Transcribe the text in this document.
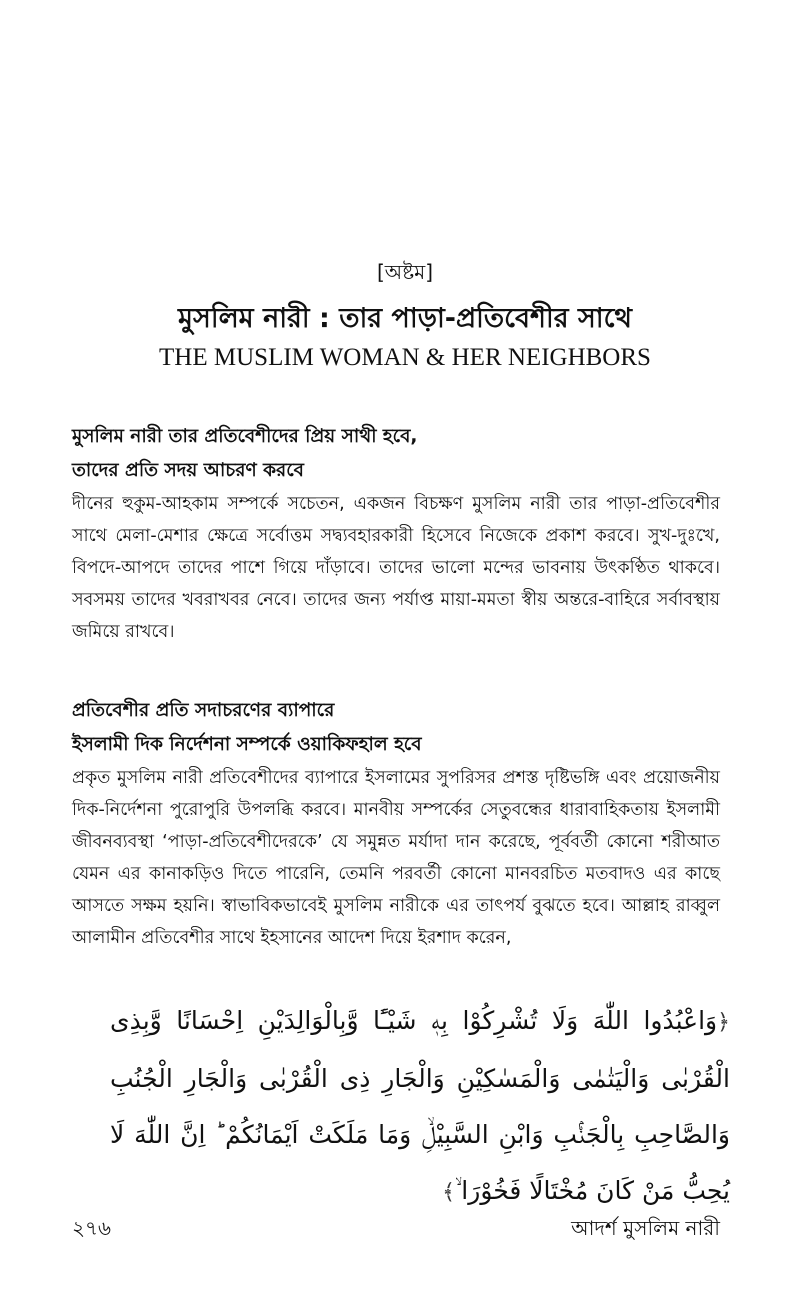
[অষ্টম]
মুসলিম নারী : তার পাড়া-প্রতিবেশীর সাথে
THE MUSLIM WOMAN & HER NEIGHBORS
মুসলিম নারী তার প্রতিবেশীদের প্রিয় সাথী হবে,
তাদের প্রতি সদয় আচরণ করবে

দীনের হুকুম-আহকাম সম্পর্কে সচেতন, একজন বিচক্ষণ মুসলিম নারী তার পাড়া-প্রতিবেশীর সাথে মেলা-মেশার ক্ষেত্রে সর্বোত্তম সদ্ব্যবহারকারী হিসেবে নিজেকে প্রকাশ করবে। সুখ-দুঃখে, বিপদে-আপদে তাদের পাশে গিয়ে দাঁড়াবে। তাদের ভালো মন্দের ভাবনায় উৎকণ্ঠিত থাকবে। সবসময় তাদের খবরাখবর নেবে। তাদের জন্য পর্যাপ্ত মায়া-মমতা স্বীয় অন্তরে-বাহিরে সর্বাবস্থায় জমিয়ে রাখবে।

প্রতিবেশীর প্রতি সদাচরণের ব্যাপারে
ইসলামী দিক নির্দেশনা সম্পর্কে ওয়াকিফহাল হবে

প্রকৃত মুসলিম নারী প্রতিবেশীদের ব্যাপারে ইসলামের সুপরিসর প্রশস্ত দৃষ্টিভঙ্গি এবং প্রয়োজনীয় দিক-নির্দেশনা পুরোপুরি উপলব্ধি করবে। মানবীয় সম্পর্কের সেতুবন্ধের ধারাবাহিকতায় ইসলামী জীবনব্যবস্থা ‘পাড়া-প্রতিবেশীদেরকে’ যে সমুন্নত মর্যাদা দান করেছে, পূর্ববর্তী কোনো শরীআত যেমন এর কানাকড়িও দিতে পারেনি, তেমনি পরবর্তী কোনো মানবরচিত মতবাদও এর কাছে আসতে সক্ষম হয়নি। স্বাভাবিকভাবেই মুসলিম নারীকে এর তাৎপর্য বুঝতে হবে। আল্লাহ রাব্বুল আলামীন প্রতিবেশীর সাথে ইহসানের আদেশ দিয়ে ইরশাদ করেন,

﴿وَاعْبُدُوا اللّٰهَ وَلَا تُشْرِكُوْا بِهٖ شَيْـًٔا وَّبِالْوَالِدَيْنِ اِحْسَانًا وَّبِذِى الْقُرْبٰى وَالْيَتٰمٰى وَالْمَسٰكِيْنِ وَالْجَارِ ذِى الْقُرْبٰى وَالْجَارِ الْجُنُبِ وَالصَّاحِبِ بِالْجَنْۢبِ وَابْنِ السَّبِيْلِۙ وَمَا مَلَكَتْ اَيْمَانُكُمْ ؕ اِنَّ اللّٰهَ لَا يُحِبُّ مَنْ كَانَ مُخْتَالًا فَخُوْرَا ۙ﴾
২৭৬	আদর্শ মুসলিম নারী
